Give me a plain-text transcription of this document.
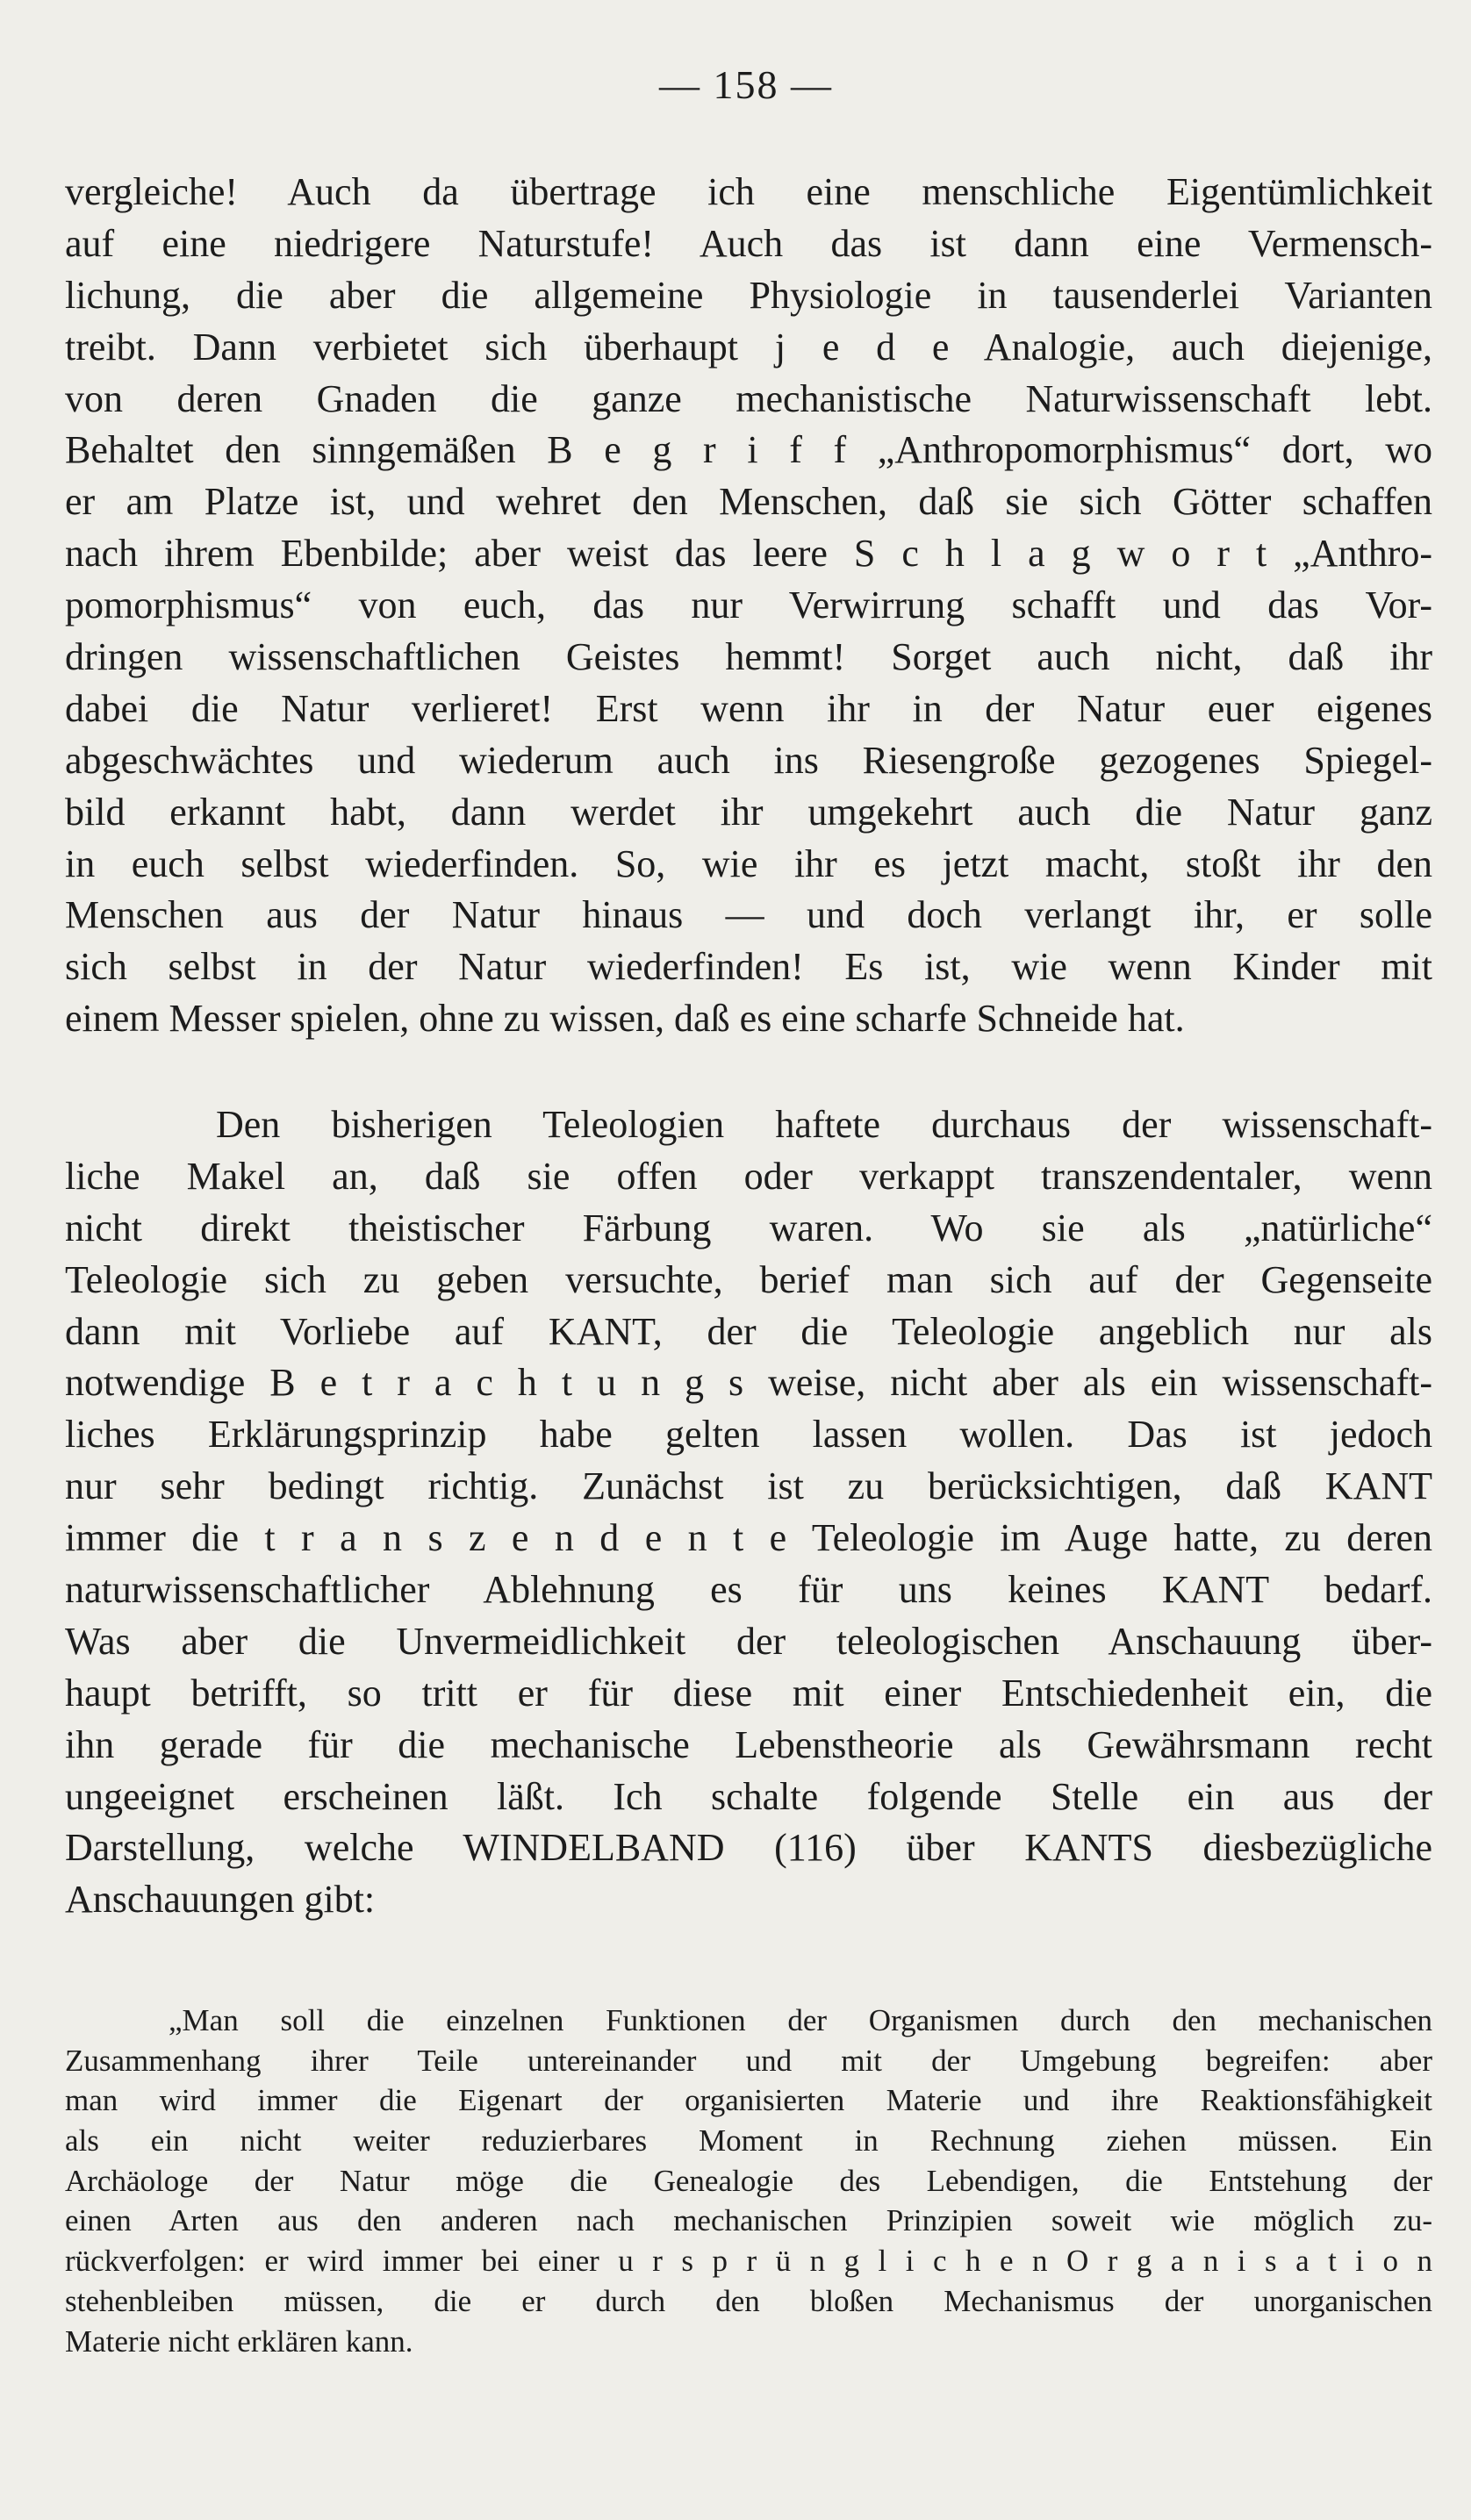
— 158 —
vergleiche! Auch da übertrage ich eine menschliche Eigentümlichkeit
auf eine niedrigere Naturstufe! Auch das ist dann eine Vermensch-
lichung, die aber die allgemeine Physiologie in tausenderlei Varianten
treibt. Dann verbietet sich überhaupt j e d e Analogie, auch diejenige,
von deren Gnaden die ganze mechanistische Naturwissenschaft lebt.
Behaltet den sinngemäßen B e g r i f f „Anthropomorphismus“ dort, wo
er am Platze ist, und wehret den Menschen, daß sie sich Götter schaffen
nach ihrem Ebenbilde; aber weist das leere S c h l a g w o r t „Anthro-
pomorphismus“ von euch, das nur Verwirrung schafft und das Vor-
dringen wissenschaftlichen Geistes hemmt! Sorget auch nicht, daß ihr
dabei die Natur verlieret! Erst wenn ihr in der Natur euer eigenes
abgeschwächtes und wiederum auch ins Riesengroße gezogenes Spiegel-
bild erkannt habt, dann werdet ihr umgekehrt auch die Natur ganz
in euch selbst wiederfinden. So, wie ihr es jetzt macht, stoßt ihr den
Menschen aus der Natur hinaus — und doch verlangt ihr, er solle
sich selbst in der Natur wiederfinden! Es ist, wie wenn Kinder mit
einem Messer spielen, ohne zu wissen, daß es eine scharfe Schneide hat.
Den bisherigen Teleologien haftete durchaus der wissenschaft-
liche Makel an, daß sie offen oder verkappt transzendentaler, wenn
nicht direkt theistischer Färbung waren. Wo sie als „natürliche“
Teleologie sich zu geben versuchte, berief man sich auf der Gegenseite
dann mit Vorliebe auf KANT, der die Teleologie angeblich nur als
notwendige B e t r a c h t u n g s weise, nicht aber als ein wissenschaft-
liches Erklärungsprinzip habe gelten lassen wollen. Das ist jedoch
nur sehr bedingt richtig. Zunächst ist zu berücksichtigen, daß KANT
immer die t r a n s z e n d e n t e Teleologie im Auge hatte, zu deren
naturwissenschaftlicher Ablehnung es für uns keines KANT bedarf.
Was aber die Unvermeidlichkeit der teleologischen Anschauung über-
haupt betrifft, so tritt er für diese mit einer Entschiedenheit ein, die
ihn gerade für die mechanische Lebenstheorie als Gewährsmann recht
ungeeignet erscheinen läßt. Ich schalte folgende Stelle ein aus der
Darstellung, welche WINDELBAND (116) über KANTS diesbezügliche
Anschauungen gibt:
„Man soll die einzelnen Funktionen der Organismen durch den mechanischen
Zusammenhang ihrer Teile untereinander und mit der Umgebung begreifen: aber
man wird immer die Eigenart der organisierten Materie und ihre Reaktionsfähigkeit
als ein nicht weiter reduzierbares Moment in Rechnung ziehen müssen. Ein
Archäologe der Natur möge die Genealogie des Lebendigen, die Entstehung der
einen Arten aus den anderen nach mechanischen Prinzipien soweit wie möglich zu-
rückverfolgen: er wird immer bei einer u r s p r ü n g l i c h e n O r g a n i s a t i o n
stehenbleiben müssen, die er durch den bloßen Mechanismus der unorganischen
Materie nicht erklären kann.
